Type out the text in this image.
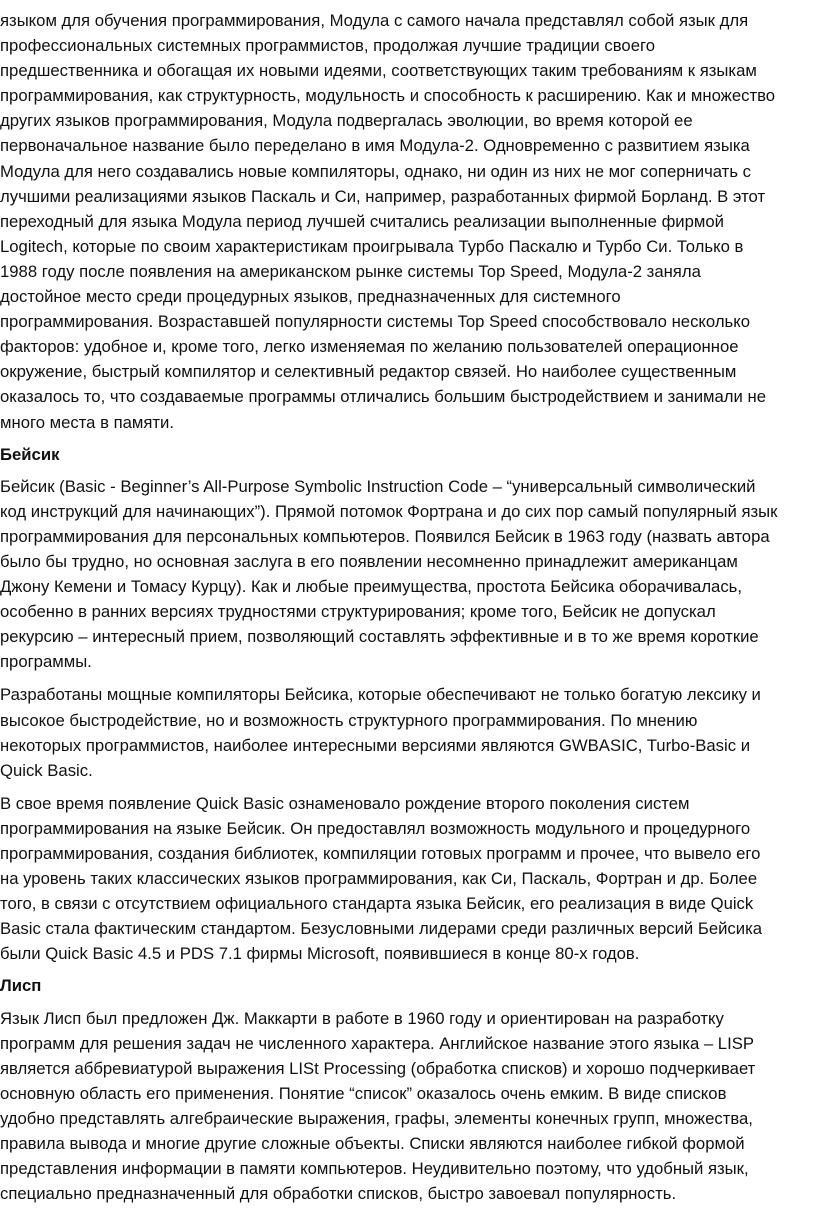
языком для обучения программирования, Модула с самого начала представлял собой язык для
профессиональных системных программистов, продолжая лучшие традиции своего
предшественника и обогащая их новыми идеями, соответствующих таким требованиям к языкам
программирования, как структурность, модульность и способность к расширению. Как и множество
других языков программирования, Модула подвергалась эволюции, во время которой ее
первоначальное название было переделано в имя Модула-2. Одновременно с развитием языка
Модула для него создавались новые компиляторы, однако, ни один из них не мог соперничать с
лучшими реализациями языков Паскаль и Си, например, разработанных фирмой Борланд. В этот
переходный для языка Модула период лучшей считались реализации выполненные фирмой
Logitech, которые по своим характеристикам проигрывала Турбо Паскалю и Турбо Си. Только в
1988 году после появления на американском рынке системы Top Speed, Модула-2 заняла
достойное место среди процедурных языков, предназначенных для системного
программирования. Возраставшей популярности системы Top Speed способствовало несколько
факторов: удобное и, кроме того, легко изменяемая по желанию пользователей операционное
окружение, быстрый компилятор и селективный редактор связей. Но наиболее существенным
оказалось то, что создаваемые программы отличались большим быстродействием и занимали не
много места в памяти.

Бейсик

Бейсик (Basic - Beginner’s All-Purpose Symbolic Instruction Code – “универсальный символический
код инструкций для начинающих”). Прямой потомок Фортрана и до сих пор самый популярный язык
программирования для персональных компьютеров. Появился Бейсик в 1963 году (назвать автора
было бы трудно, но основная заслуга в его появлении несомненно принадлежит американцам
Джону Кемени и Томасу Курцу). Как и любые преимущества, простота Бейсика оборачивалась,
особенно в ранних версиях трудностями структурирования; кроме того, Бейсик не допускал
рекурсию – интересный прием, позволяющий составлять эффективные и в то же время короткие
программы.

Разработаны мощные компиляторы Бейсика, которые обеспечивают не только богатую лексику и
высокое быстродействие, но и возможность структурного программирования. По мнению
некоторых программистов, наиболее интересными версиями являются GWBASIC, Turbo-Basic и
Quick Basic.

В свое время появление Quick Basic ознаменовало рождение второго поколения систем
программирования на языке Бейсик. Он предоставлял возможность модульного и процедурного
программирования, создания библиотек, компиляции готовых программ и прочее, что вывело его
на уровень таких классических языков программирования, как Си, Паскаль, Фортран и др. Более
того, в связи с отсутствием официального стандарта языка Бейсик, его реализация в виде Quick
Basic стала фактическим стандартом. Безусловными лидерами среди различных версий Бейсика
были Quick Basic 4.5 и PDS 7.1 фирмы Microsoft, появившиеся в конце 80-х годов.

Лисп

Язык Лисп был предложен Дж. Маккарти в работе в 1960 году и ориентирован на разработку
программ для решения задач не численного характера. Английское название этого языка – LISP
является аббревиатурой выражения LISt Processing (обработка списков) и хорошо подчеркивает
основную область его применения. Понятие “список” оказалось очень емким. В виде списков
удобно представлять алгебраические выражения, графы, элементы конечных групп, множества,
правила вывода и многие другие сложные объекты. Списки являются наиболее гибкой формой
представления информации в памяти компьютеров. Неудивительно поэтому, что удобный язык,
специально предназначенный для обработки списков, быстро завоевал популярность.
